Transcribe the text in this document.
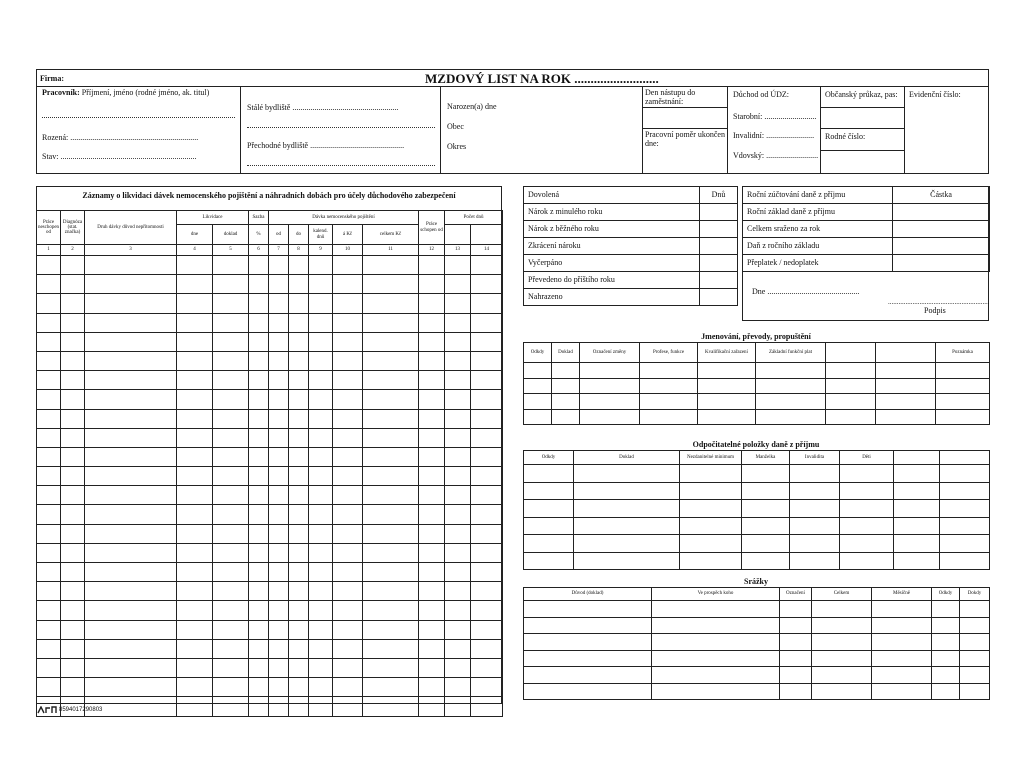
Firma:	MZDOVÝ LIST NA ROK ..........................
Pracovník: Příjmení, jméno (rodné jméno, ak. titul)
Rozená: ................................................................
Stav: ....................................................................
Stálé bydliště .....................................................
Přechodné bydliště ...............................................
Narozen(a) dne
Obec
Okres
Den nástupu do zaměstnání:
Pracovní poměr ukončen dne:
Důchod od ÚDZ:
Starobní: ..........................
Invalidní: ........................
Vdovský: ..........................
Občanský průkaz, pas:
Rodné číslo:
Evidenční číslo:
Záznamy o likvidaci dávek nemocenského pojištění a náhradních dobách pro účely důchodového zabezpečení
Práce neschopen od	Diagnóza (stat. značka)	Druh dávky důvod nepřítomnosti	Likvidace		Sazba	Dávka nemocenského pojištění					Práce schopen od	Počet dnů	
			dne	doklad	%	od	do	kalend. dnů	á Kč	celkem Kč			
1	2	3	4	5	6	7	8	9	10	11	12	13	14

Dovolená	Dnů
Nárok z minulého roku	
Nárok z běžného roku	
Zkrácení nároku	
Vyčerpáno	
Převedeno do příštího roku	
Nahrazeno	
Roční zúčtování daně z příjmu	Částka
Roční základ daně z příjmu	
Celkem sraženo za rok	
Daň z ročního základu	
Přeplatek / nedoplatek	
Dne ..............................................
..........................................................
Podpis
Jmenování, převody, propuštění
Odkdy	Doklad	Označení změny	Profese, funkce	Kvalifikační zařazení	Základní funkční plat			Poznámka

Odpočitatelné položky daně z příjmu
Odkdy	Doklad	Nezdanitelné minimum	Manželka	Invalidita	Děti		

Srážky
Důvod (doklad)	Ve prospěch koho	Označení	Celkem	Měsíčně	Odkdy	Dokdy

8594017290803
